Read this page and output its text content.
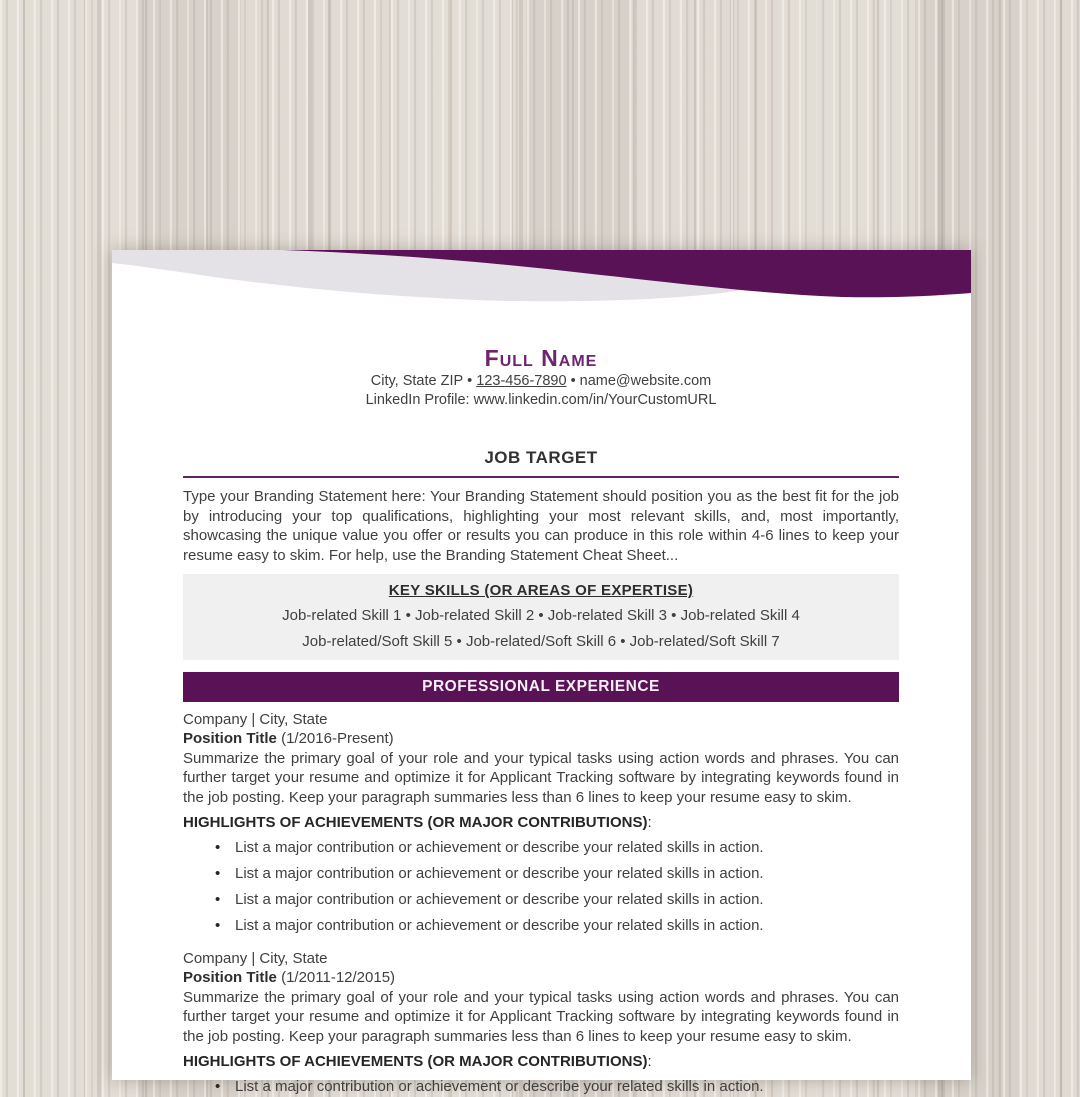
Full Name
City, State ZIP • 123-456-7890 • name@website.com
LinkedIn Profile: www.linkedin.com/in/YourCustomURL
JOB TARGET
Type your Branding Statement here: Your Branding Statement should position you as the best fit for the job by introducing your top qualifications, highlighting your most relevant skills, and, most importantly, showcasing the unique value you offer or results you can produce in this role within 4-6 lines to keep your resume easy to skim. For help, use the Branding Statement Cheat Sheet...
KEY SKILLS (OR AREAS OF EXPERTISE)
Job-related Skill 1 • Job-related Skill 2 • Job-related Skill 3 • Job-related Skill 4
Job-related/Soft Skill 5 • Job-related/Soft Skill 6 • Job-related/Soft Skill 7
PROFESSIONAL EXPERIENCE
Company | City, State
Position Title (1/2016-Present)
Summarize the primary goal of your role and your typical tasks using action words and phrases. You can further target your resume and optimize it for Applicant Tracking software by integrating keywords found in the job posting. Keep your paragraph summaries less than 6 lines to keep your resume easy to skim.
HIGHLIGHTS OF ACHIEVEMENTS (OR MAJOR CONTRIBUTIONS):
• List a major contribution or achievement or describe your related skills in action.
• List a major contribution or achievement or describe your related skills in action.
• List a major contribution or achievement or describe your related skills in action.
• List a major contribution or achievement or describe your related skills in action.
Company | City, State
Position Title (1/2011-12/2015)
Summarize the primary goal of your role and your typical tasks using action words and phrases. You can further target your resume and optimize it for Applicant Tracking software by integrating keywords found in the job posting. Keep your paragraph summaries less than 6 lines to keep your resume easy to skim.
HIGHLIGHTS OF ACHIEVEMENTS (OR MAJOR CONTRIBUTIONS):
• List a major contribution or achievement or describe your related skills in action.
